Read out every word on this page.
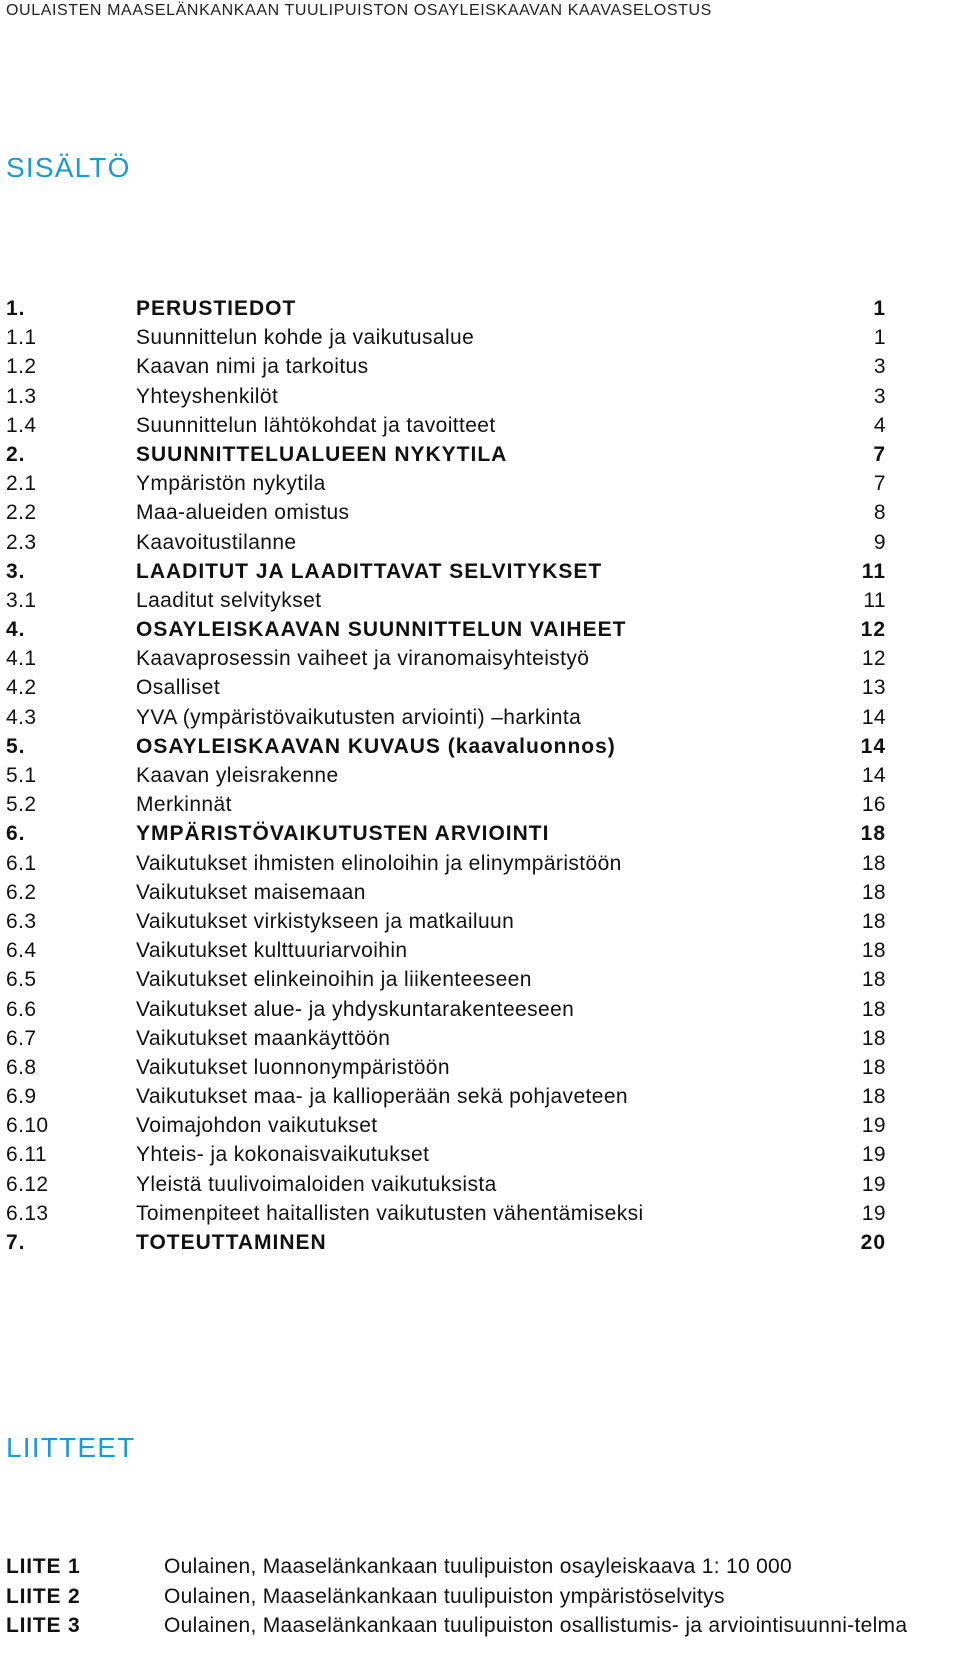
OULAISTEN MAASELÄNKANKAAN TUULIPUISTON OSAYLEISKAAVAN KAAVASELOSTUS
SISÄLTÖ
1.	PERUSTIEDOT	1
1.1	Suunnittelun kohde ja vaikutusalue	1
1.2	Kaavan nimi ja tarkoitus	3
1.3	Yhteyshenkilöt	3
1.4	Suunnittelun lähtökohdat ja tavoitteet	4
2.	SUUNNITTELUALUEEN NYKYTILA	7
2.1	Ympäristön nykytila	7
2.2	Maa-alueiden omistus	8
2.3	Kaavoitustilanne	9
3.	LAADITUT JA LAADITTAVAT SELVITYKSET	11
3.1	Laaditut selvitykset	11
4.	OSAYLEISKAAVAN SUUNNITTELUN VAIHEET	12
4.1	Kaavaprosessin vaiheet ja viranomaisyhteistyö	12
4.2	Osalliset	13
4.3	YVA (ympäristövaikutusten arviointi) –harkinta	14
5.	OSAYLEISKAAVAN KUVAUS (kaavaluonnos)	14
5.1	Kaavan yleisrakenne	14
5.2	Merkinnät	16
6.	YMPÄRISTÖVAIKUTUSTEN ARVIOINTI	18
6.1	Vaikutukset ihmisten elinoloihin ja elinympäristöön	18
6.2	Vaikutukset maisemaan	18
6.3	Vaikutukset virkistykseen ja matkailuun	18
6.4	Vaikutukset kulttuuriarvoihin	18
6.5	Vaikutukset elinkeinoihin ja liikenteeseen	18
6.6	Vaikutukset alue- ja yhdyskuntarakenteeseen	18
6.7	Vaikutukset maankäyttöön	18
6.8	Vaikutukset luonnonympäristöön	18
6.9	Vaikutukset maa- ja kallioperään sekä pohjaveteen	18
6.10	Voimajohdon vaikutukset	19
6.11	Yhteis- ja kokonaisvaikutukset	19
6.12	Yleistä tuulivoimaloiden vaikutuksista	19
6.13	Toimenpiteet haitallisten vaikutusten vähentämiseksi	19
7.	TOTEUTTAMINEN	20
LIITTEET
LIITE 1	Oulainen, Maaselänkankaan tuulipuiston osayleiskaava 1: 10 000
LIITE 2	Oulainen, Maaselänkankaan tuulipuiston ympäristöselvitys
LIITE 3	Oulainen, Maaselänkankaan tuulipuiston osallistumis- ja arviointisuunni-telma
